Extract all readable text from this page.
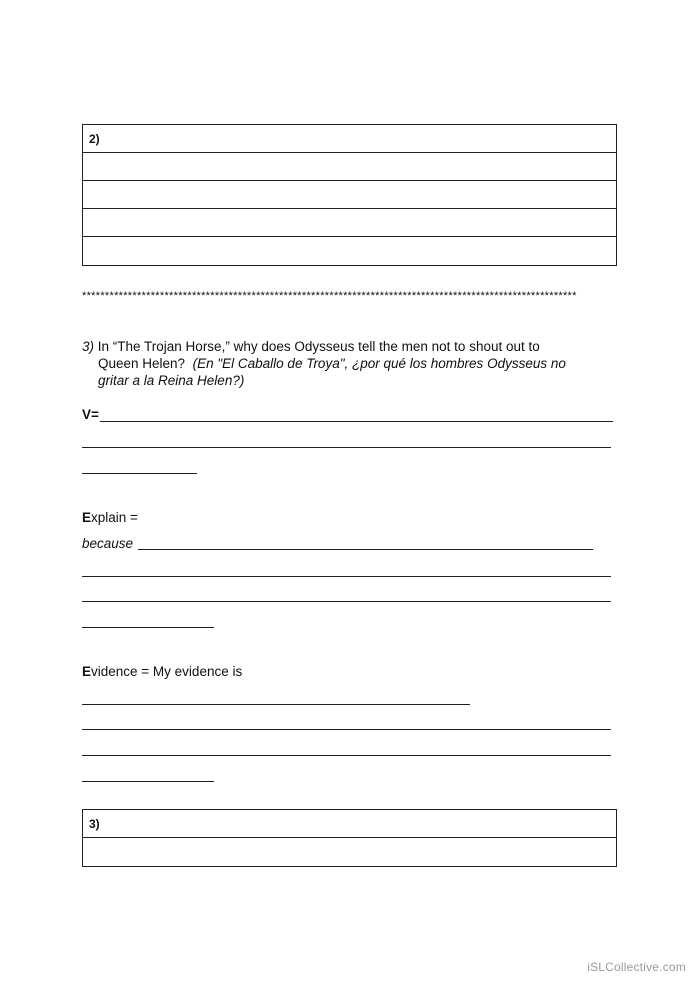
2)
************************************************************************************************************
3) In “The Trojan Horse,” why does Odysseus tell the men not to shout out to
Queen Helen? (En "El Caballo de Troya", ¿por qué los hombres Odysseus no
gritar a la Reina Helen?)
V=
Explain =
because
Evidence = My evidence is
3)
iSLCollective.com
